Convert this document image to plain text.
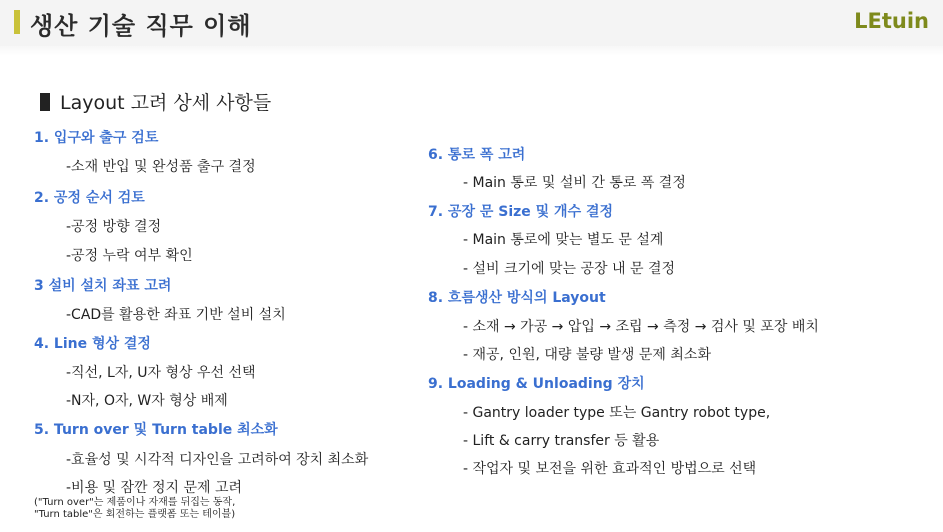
생산 기술 직무 이해	LEtuin
Layout 고려 상세 사항들
1. 입구와 출구 검토
-소재 반입 및 완성품 출구 결정
2. 공정 순서 검토
-공정 방향 결정
-공정 누락 여부 확인
3 설비 설치 좌표 고려
-CAD를 활용한 좌표 기반 설비 설치
4. Line 형상 결정
-직선, L자, U자 형상 우선 선택
-N자, O자, W자 형상 배제
5. Turn over 및 Turn table 최소화
-효율성 및 시각적 디자인을 고려하여 장치 최소화
-비용 및 잠깐 정지 문제 고려
("Turn over"는 제품이나 자재를 뒤집는 동작,
"Turn table"은 회전하는 플랫폼 또는 테이블)
6. 통로 폭 고려
- Main 통로 및 설비 간 통로 폭 결정
7. 공장 문 Size 및 개수 결정
- Main 통로에 맞는 별도 문 설계
- 설비 크기에 맞는 공장 내 문 결정
8. 흐름생산 방식의 Layout
- 소재 → 가공 → 압입 → 조립 → 측정 → 검사 및 포장 배치
- 재공, 인원, 대량 불량 발생 문제 최소화
9. Loading & Unloading 장치
- Gantry loader type 또는 Gantry robot type,
- Lift & carry transfer 등 활용
- 작업자 및 보전을 위한 효과적인 방법으로 선택
